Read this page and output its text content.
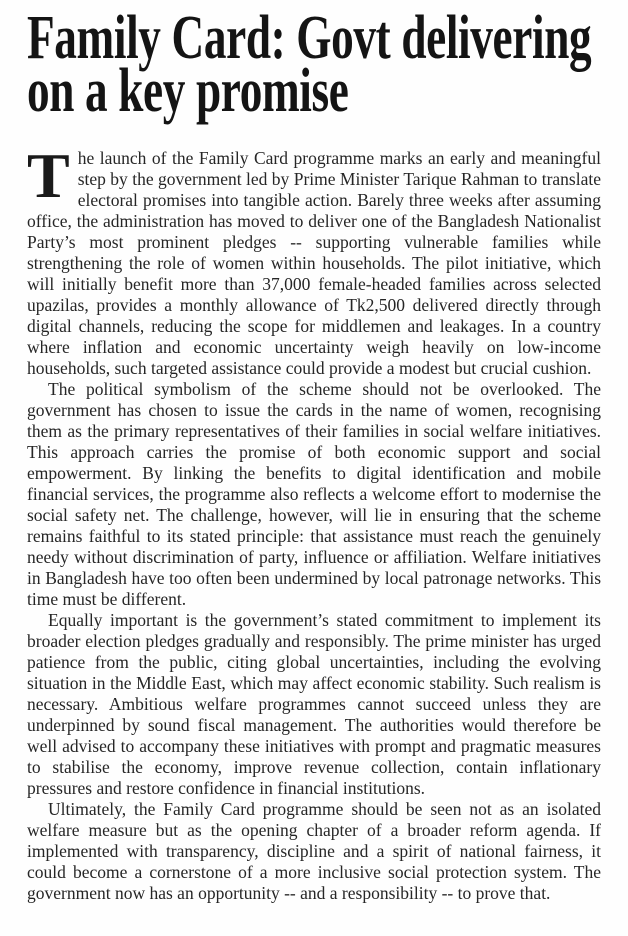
Family Card: Govt delivering
on a key promise

The launch of the Family Card programme marks an early and meaningful step by the government led by Prime Minister Tarique Rahman to translate electoral promises into tangible action. Barely three weeks after assuming office, the administration has moved to deliver one of the Bangladesh Nationalist Party’s most prominent pledges -- supporting vulnerable families while strengthening the role of women within households. The pilot initiative, which will initially benefit more than 37,000 female-headed families across selected upazilas, provides a monthly allowance of Tk2,500 delivered directly through digital channels, reducing the scope for middlemen and leakages. In a country where inflation and economic uncertainty weigh heavily on low-income households, such targeted assistance could provide a modest but crucial cushion.

The political symbolism of the scheme should not be overlooked. The government has chosen to issue the cards in the name of women, recognising them as the primary representatives of their families in social welfare initiatives. This approach carries the promise of both economic support and social empowerment. By linking the benefits to digital identification and mobile financial services, the programme also reflects a welcome effort to modernise the social safety net. The challenge, however, will lie in ensuring that the scheme remains faithful to its stated principle: that assistance must reach the genuinely needy without discrimination of party, influence or affiliation. Welfare initiatives in Bangladesh have too often been undermined by local patronage networks. This time must be different.

Equally important is the government’s stated commitment to implement its broader election pledges gradually and responsibly. The prime minister has urged patience from the public, citing global uncertainties, including the evolving situation in the Middle East, which may affect economic stability. Such realism is necessary. Ambitious welfare programmes cannot succeed unless they are underpinned by sound fiscal management. The authorities would therefore be well advised to accompany these initiatives with prompt and pragmatic measures to stabilise the economy, improve revenue collection, contain inflationary pressures and restore confidence in financial institutions.

Ultimately, the Family Card programme should be seen not as an isolated welfare measure but as the opening chapter of a broader reform agenda. If implemented with transparency, discipline and a spirit of national fairness, it could become a cornerstone of a more inclusive social protection system. The government now has an opportunity -- and a responsibility -- to prove that.
